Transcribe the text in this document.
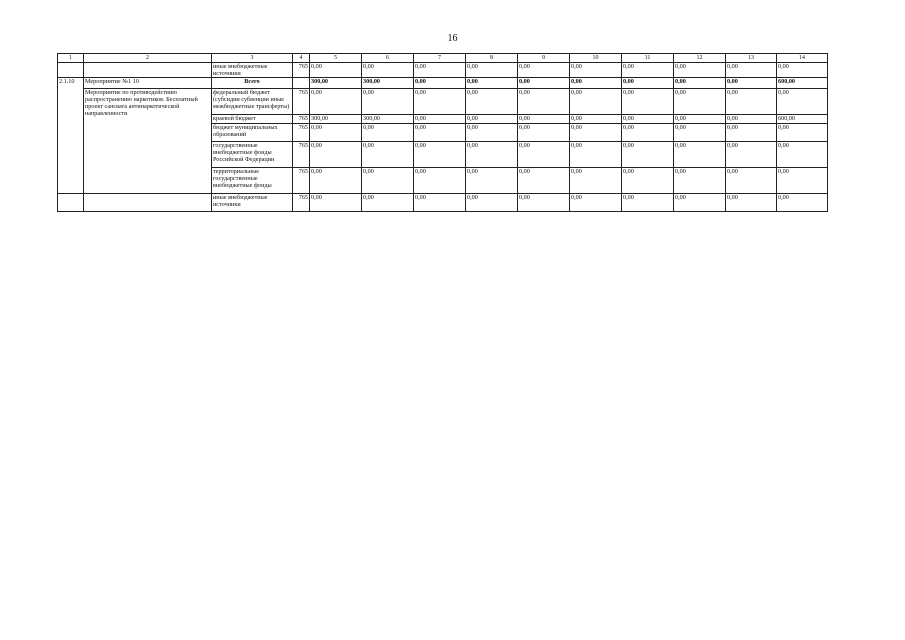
16
1	2	3	4	5	6	7	8	9	10	11	12	13	14
		иные внебюджетные источники	765	0,00	0,00	0,00	0,00	0,00	0,00	0,00	0,00	0,00	0,00
2.1.10	Мероприятие №1 10	Всего		300,00	300,00	0,00	0,00	0,00	0,00	0,00	0,00	0,00	600,00
	Мероприятие по противодействию распространению наркотиков. Бесплатный проект сансвата антинаркотической направленности	федеральный бюджет (субсидии субвенции иные межбюджетные трансферты)	765	0,00	0,00	0,00	0,00	0,00	0,00	0,00	0,00	0,00	0,00
		краевой бюджет	765	300,00	300,00	0,00	0,00	0,00	0,00	0,00	0,00	0,00	600,00
		бюджет муниципальных образований	765	0,00	0,00	0,00	0,00	0,00	0,00	0,00	0,00	0,00	0,00
		государственные внебюджетные фонды Российской Федерации	765	0,00	0,00	0,00	0,00	0,00	0,00	0,00	0,00	0,00	0,00
		территориальные государственные внебюджетные фонды	765	0,00	0,00	0,00	0,00	0,00	0,00	0,00	0,00	0,00	0,00
		иные внебюджетные источники	765	0,00	0,00	0,00	0,00	0,00	0,00	0,00	0,00	0,00	0,00
